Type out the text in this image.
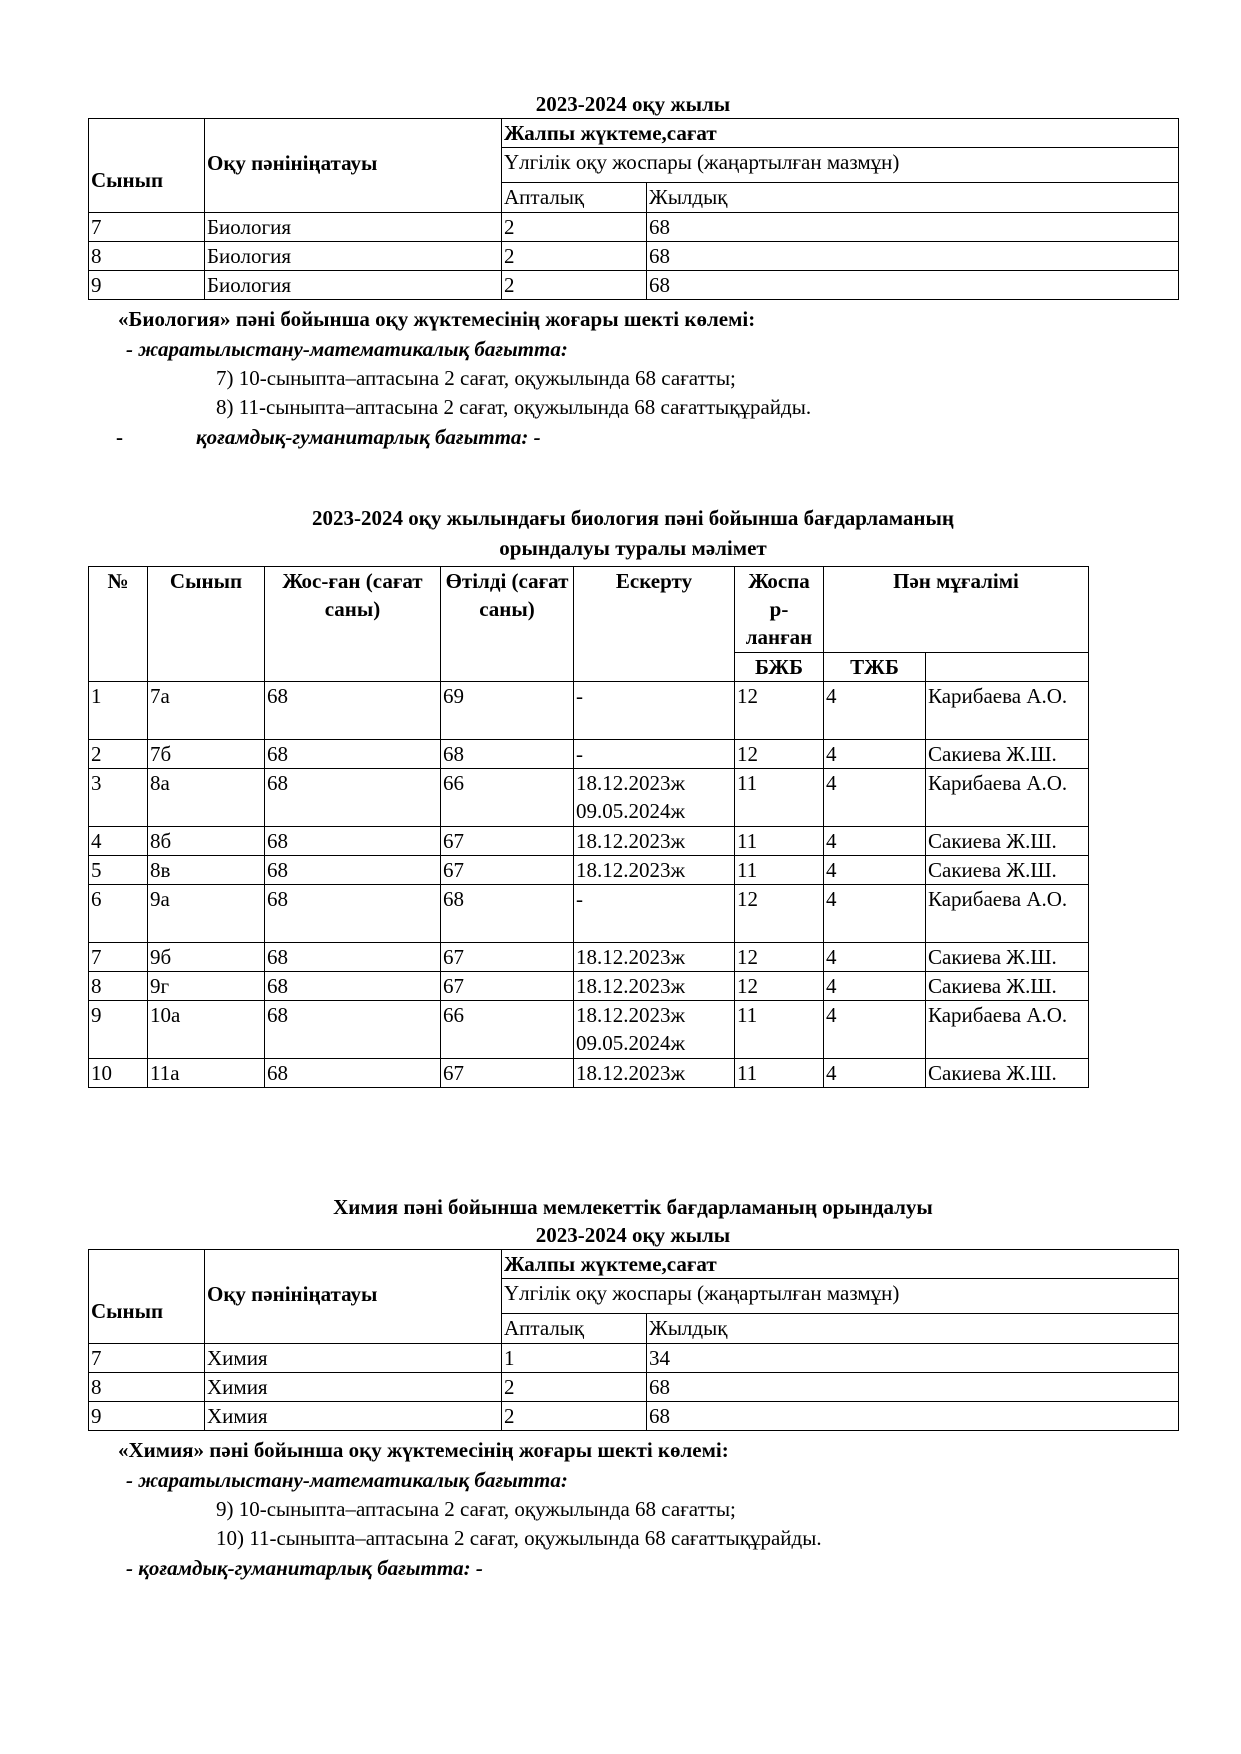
2023-2024 оқу жылы
Сынып	Оқу пәнініңатауы	Жалпы жүктеме,сағат	
		Үлгілік оқу жоспары (жаңартылған мазмұн)	
		Апталық	Жылдық
7	Биология	2	68
8	Биология	2	68
9	Биология	2	68
«Биология» пәні бойынша оқу жүктемесінің жоғары шекті көлемі:
- жаратылыстану-математикалық бағытта:
7) 10-сыныпта–аптасына 2 сағат, оқужылында 68 сағатты;
8) 11-сыныпта–аптасына 2 сағат, оқужылында 68 сағаттықұрайды.
-	қоғамдық-гуманитарлық бағытта: -
2023-2024 оқу жылындағы биология пәні бойынша бағдарламаның
орындалуы туралы мәлімет
№	Сынып	Жос-ған (сағат саны)	Өтілді (сағат саны)	Ескерту	Жоспа р-ланған	Пән мұғалімі	
					БЖБ	ТЖБ	
1	7а	68	69	-	12	4	Карибаева А.О.
2	7б	68	68	-	12	4	Сакиева Ж.Ш.
3	8а	68	66	18.12.2023ж 09.05.2024ж	11	4	Карибаева А.О.
4	8б	68	67	18.12.2023ж	11	4	Сакиева Ж.Ш.
5	8в	68	67	18.12.2023ж	11	4	Сакиева Ж.Ш.
6	9а	68	68	-	12	4	Карибаева А.О.
7	9б	68	67	18.12.2023ж	12	4	Сакиева Ж.Ш.
8	9г	68	67	18.12.2023ж	12	4	Сакиева Ж.Ш.
9	10а	68	66	18.12.2023ж 09.05.2024ж	11	4	Карибаева А.О.
10	11а	68	67	18.12.2023ж	11	4	Сакиева Ж.Ш.
Химия пәні бойынша мемлекеттік бағдарламаның орындалуы
2023-2024 оқу жылы
Сынып	Оқу пәнініңатауы	Жалпы жүктеме,сағат	
		Үлгілік оқу жоспары (жаңартылған мазмұн)	
		Апталық	Жылдық
7	Химия	1	34
8	Химия	2	68
9	Химия	2	68
«Химия» пәні бойынша оқу жүктемесінің жоғары шекті көлемі:
- жаратылыстану-математикалық бағытта:
9) 10-сыныпта–аптасына 2 сағат, оқужылында 68 сағатты;
10) 11-сыныпта–аптасына 2 сағат, оқужылында 68 сағаттықұрайды.
- қоғамдық-гуманитарлық бағытта: -
